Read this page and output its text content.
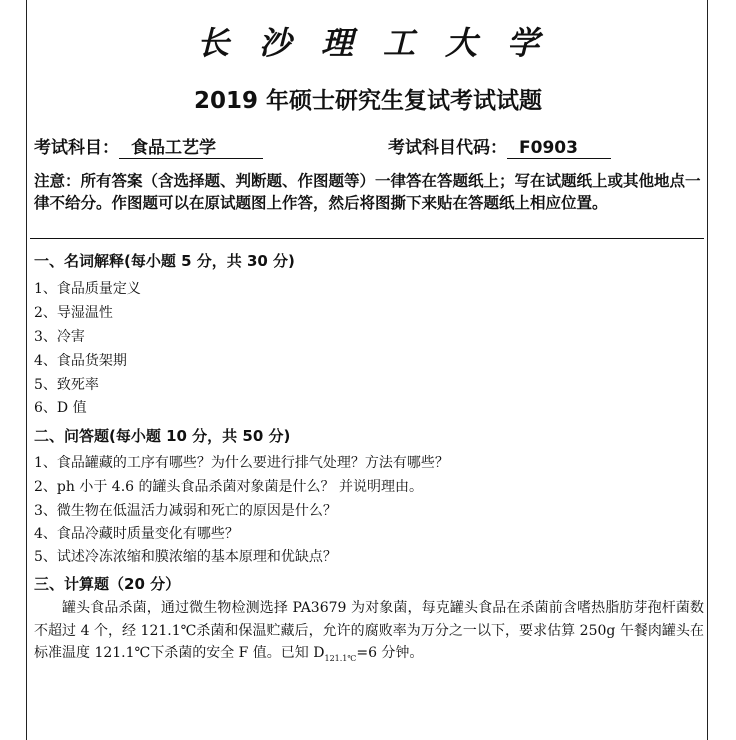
长沙理工大学
2019 年硕士研究生复试考试试题
考试科目： 食品工艺学	考试科目代码： F0903
注意：所有答案（含选择题、判断题、作图题等）一律答在答题纸上；写在试题纸上或其他地点一律不给分。作图题可以在原试题图上作答，然后将图撕下来贴在答题纸上相应位置。
一、名词解释(每小题 5 分，共 30 分)
1、食品质量定义
2、导湿温性
3、冷害
4、食品货架期
5、致死率
6、D 值
二、问答题(每小题 10 分，共 50 分)
1、食品罐藏的工序有哪些？为什么要进行排气处理？方法有哪些？
2、ph 小于 4.6 的罐头食品杀菌对象菌是什么？ 并说明理由。
3、微生物在低温活力减弱和死亡的原因是什么？
4、食品冷藏时质量变化有哪些？
5、试述冷冻浓缩和膜浓缩的基本原理和优缺点？
三、计算题（20 分）
罐头食品杀菌，通过微生物检测选择 PA3679 为对象菌，每克罐头食品在杀菌前含嗜热脂肪芽孢杆菌数不超过 4 个，经 121.1℃杀菌和保温贮藏后，允许的腐败率为万分之一以下，要求估算 250g 午餐肉罐头在标准温度 121.1℃下杀菌的安全 F 值。已知 $D_{121.1℃}=6$ 分钟。
